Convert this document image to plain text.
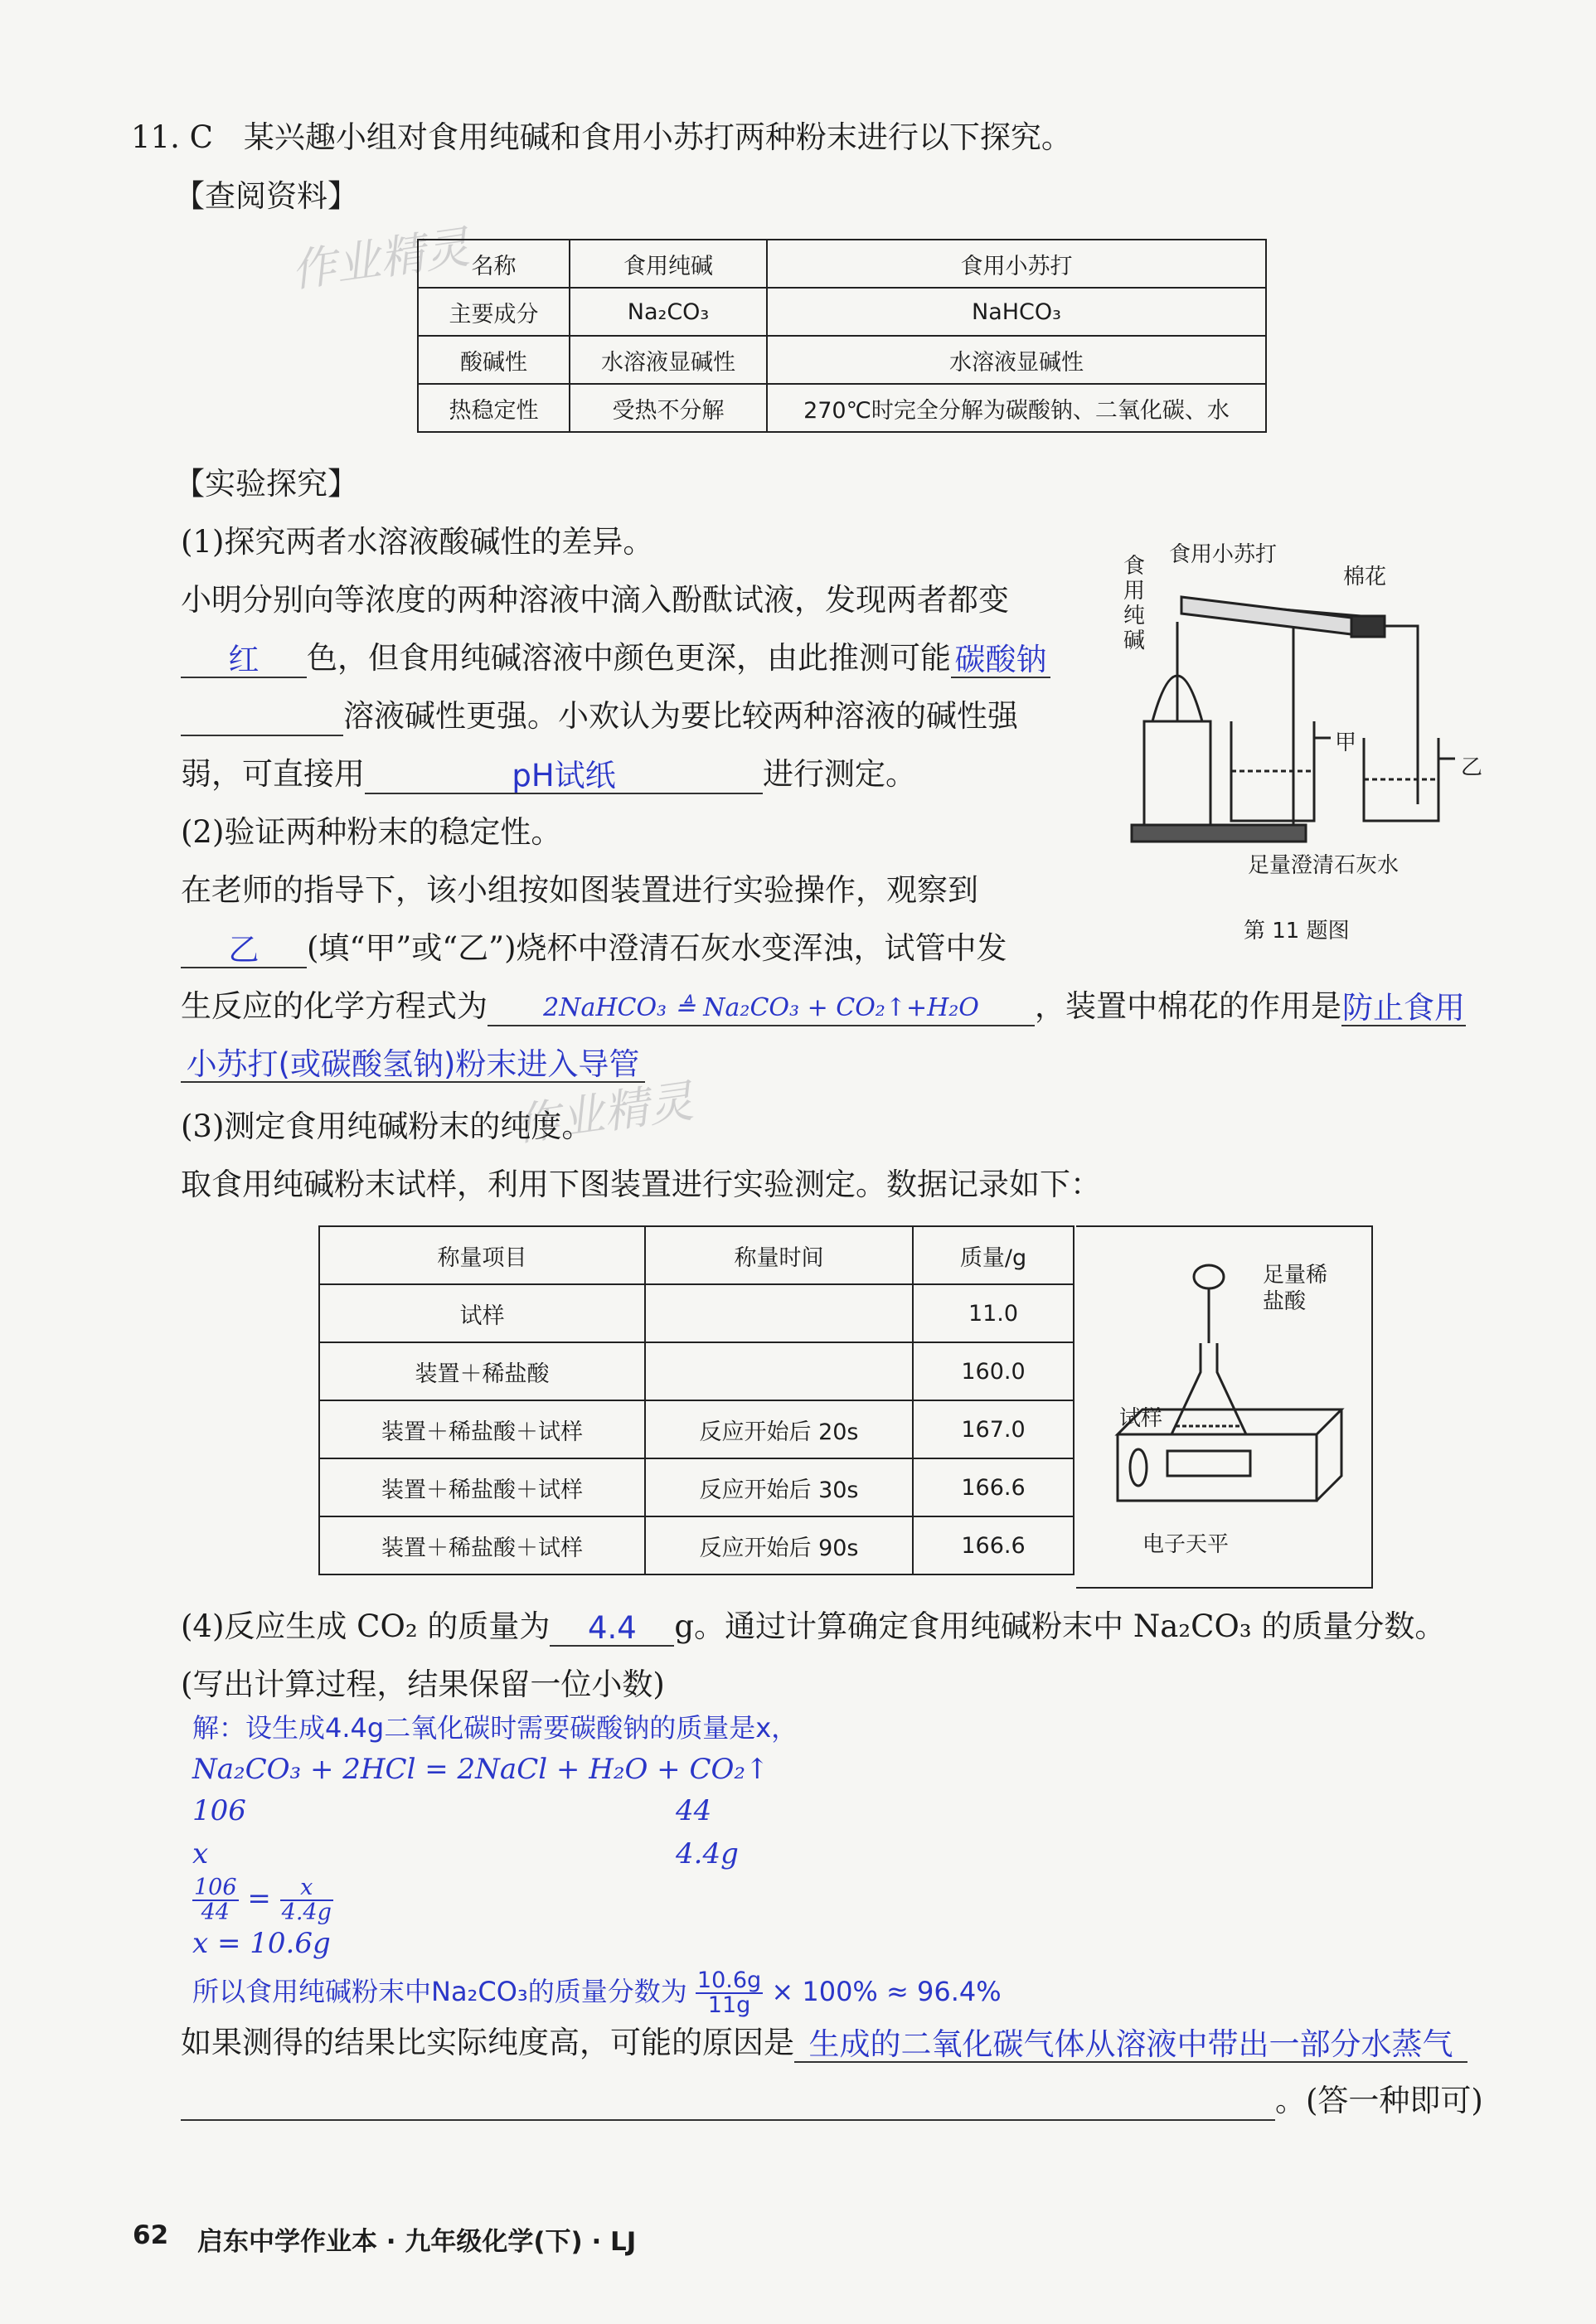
11. C　某兴趣小组对食用纯碱和食用小苏打两种粉末进行以下探究。
【查阅资料】
作业精灵
名称	食用纯碱	食用小苏打
主要成分	Na₂CO₃	NaHCO₃
酸碱性	水溶液显碱性	水溶液显碱性
热稳定性	受热不分解	270℃时完全分解为碳酸钠、二氧化碳、水
【实验探究】
(1)探究两者水溶液酸碱性的差异。
小明分别向等浓度的两种溶液中滴入酚酞试液，发现两者都变
红 色，但食用纯碱溶液中颜色更深，由此推测可能 碳酸钠
溶液碱性更强。小欢认为要比较两种溶液的碱性强
弱，可直接用	pH试纸	进行测定。
(2)验证两种粉末的稳定性。
在老师的指导下，该小组按如图装置进行实验操作，观察到
乙 (填“甲”或“乙”)烧杯中澄清石灰水变浑浊，试管中发
生反应的化学方程式为 2NaHCO₃ ≜ Na₂CO₃ + CO₂↑+H₂O ，装置中棉花的作用是防止食用
小苏打(或碳酸氢钠)粉末进入导管
食用小苏打
棉花
食用纯碱
甲
乙
足量澄清石灰水
第 11 题图
作业精灵
(3)测定食用纯碱粉末的纯度。
取食用纯碱粉末试样，利用下图装置进行实验测定。数据记录如下：
称量项目	称量时间	质量/g
试样		11.0
装置＋稀盐酸		160.0
装置＋稀盐酸＋试样	反应开始后 20s	167.0
装置＋稀盐酸＋试样	反应开始后 30s	166.6
装置＋稀盐酸＋试样	反应开始后 90s	166.6
足量稀盐酸
试样
电子天平
(4)反应生成 CO₂ 的质量为 4.4 g。通过计算确定食用纯碱粉末中 Na₂CO₃ 的质量分数。
(写出计算过程，结果保留一位小数)
解：设生成4.4g二氧化碳时需要碳酸钠的质量是x，
Na₂CO₃ + 2HCl = 2NaCl + H₂O + CO₂↑
106	44
x	4.4g
$\frac{106}{44} = \frac{x}{4.4g}$
x = 10.6g
所以食用纯碱粉末中Na₂CO₃的质量分数为 $\frac{10.6g}{11g} \times 100\% \approx 96.4\%$
如果测得的结果比实际纯度高，可能的原因是 生成的二氧化碳气体从溶液中带出一部分水蒸气
。(答一种即可)
62 启东中学作业本 · 九年级化学(下) · LJ
